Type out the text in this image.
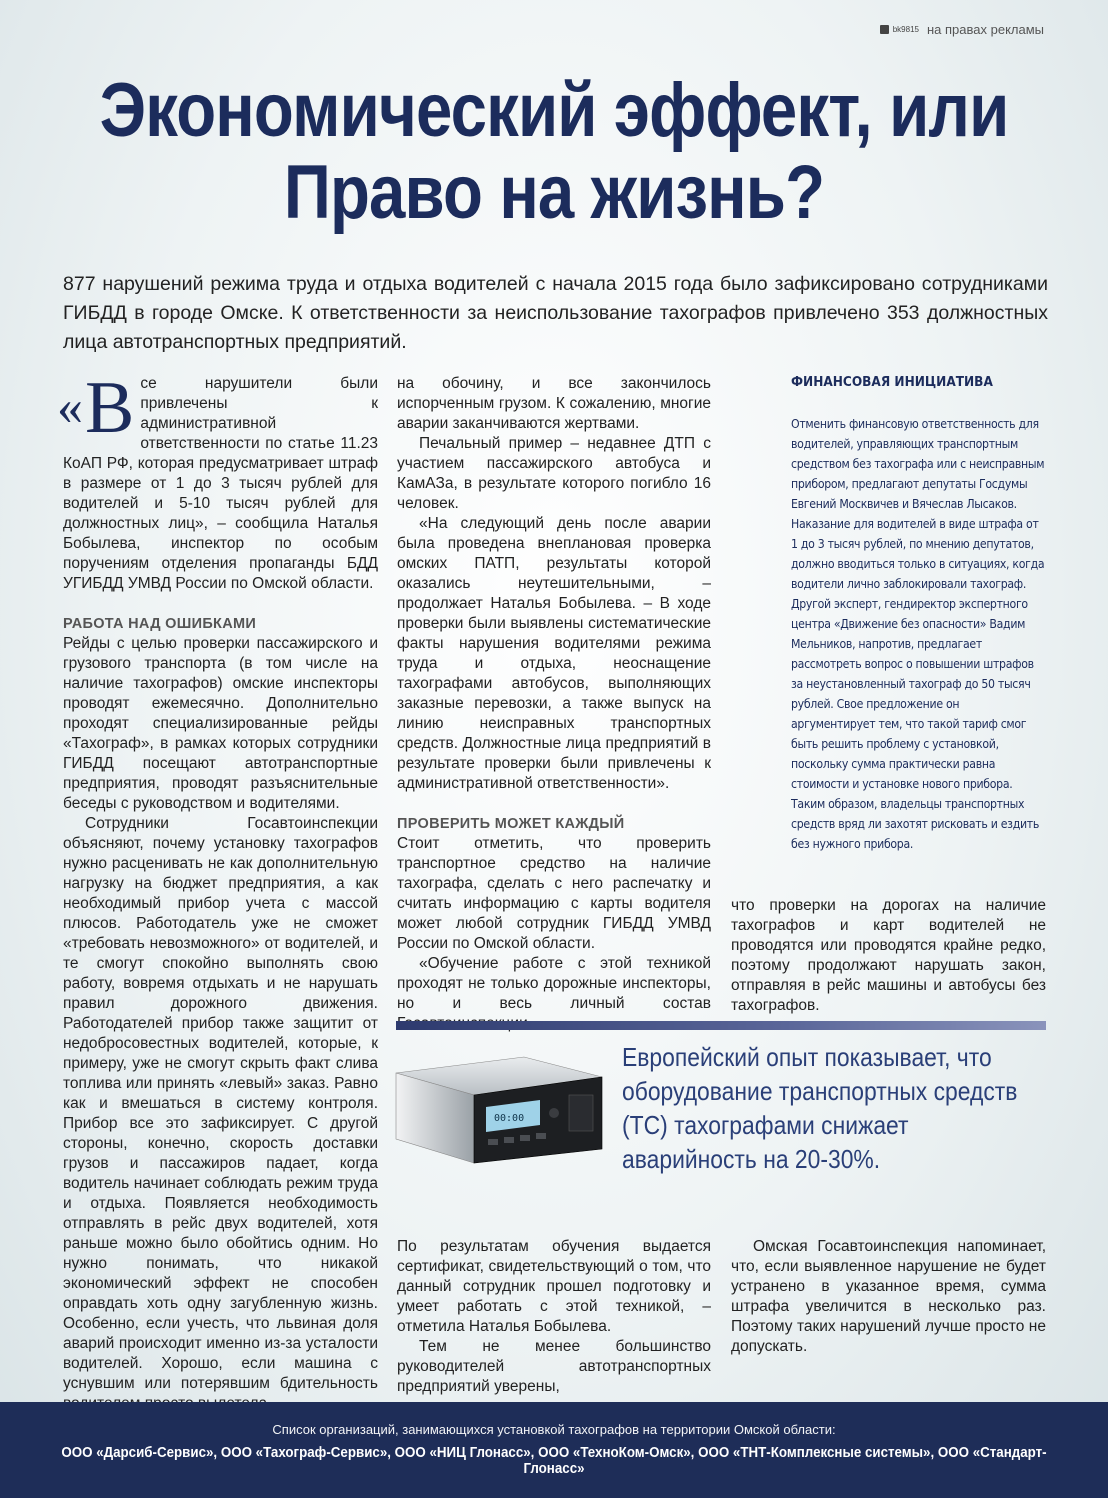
bk9815 на правах рекламы
Экономический эффект, или
Право на жизнь?

877 нарушений режима труда и отдыха водителей с начала 2015 года было зафиксировано сотрудниками ГИБДД в городе Омске. К ответственности за неиспользование тахографов привлечено 353 должностных лица автотранспортных предприятий.

«В се нарушители были привлечены к административной ответственности по статье 11.23 КоАП РФ, которая предусматривает штраф в размере от 1 до 3 тысяч рублей для водителей и 5-10 тысяч рублей для должностных лиц», – сообщила Наталья Бобылева, инспектор по особым поручениям отделения пропаганды БДД УГИБДД УМВД России по Омской области.

РАБОТА НАД ОШИБКАМИ

Рейды с целью проверки пассажирского и грузового транспорта (в том числе на наличие тахографов) омские инспекторы проводят ежемесячно. Дополнительно проходят специализированные рейды «Тахограф», в рамках которых сотрудники ГИБДД посещают автотранспортные предприятия, проводят разъяснительные беседы с руководством и водителями.

Сотрудники Госавтоинспекции объясняют, почему установку тахографов нужно расценивать не как дополнительную нагрузку на бюджет предприятия, а как необходимый прибор учета с массой плюсов. Работодатель уже не сможет «требовать невозможного» от водителей, и те смогут спокойно выполнять свою работу, вовремя отдыхать и не нарушать правил дорожного движения. Работодателей прибор также защитит от недобросовестных водителей, которые, к примеру, уже не смогут скрыть факт слива топлива или принять «левый» заказ. Равно как и вмешаться в систему контроля. Прибор все это зафиксирует. С другой стороны, конечно, скорость доставки грузов и пассажиров падает, когда водитель начинает соблюдать режим труда и отдыха. Появляется необходимость отправлять в рейс двух водителей, хотя раньше можно было обойтись одним. Но нужно понимать, что никакой экономический эффект не способен оправдать хоть одну загубленную жизнь. Особенно, если учесть, что львиная доля аварий происходит именно из-за усталости водителей. Хорошо, если машина с уснувшим или потерявшим бдительность

на обочину, и все закончилось испорченным грузом. К сожалению, многие аварии заканчиваются жертвами.

Печальный пример – недавнее ДТП с участием пассажирского автобуса и КамАЗа, в результате которого погибло 16 человек.

«На следующий день после аварии была проведена внеплановая проверка омских ПАТП, результаты которой оказались неутешительными, – продолжает Наталья Бобылева. – В ходе проверки были выявлены систематические факты нарушения водителями режима труда и отдыха, неоснащение тахографами автобусов, выполняющих заказные перевозки, а также выпуск на линию неисправных транспортных средств. Должностные лица предприятий в результате проверки были привлечены к административной ответственности».

ПРОВЕРИТЬ МОЖЕТ КАЖДЫЙ

Стоит отметить, что проверить транспортное средство на наличие тахографа, сделать с него распечатку и считать информацию с карты водителя может любой сотрудник ГИБДД УМВД России по Омской области.

«Обучение работе с этой техникой проходят не только дорожные инспекторы, но и весь личный состав

ФИНАНСОВАЯ ИНИЦИАТИВА

Отменить финансовую ответственность для водителей, управляющих транспортным средством без тахографа или с неисправным прибором, предлагают депутаты Госдумы Евгений Москвичев и Вячеслав Лысаков. Наказание для водителей в виде штрафа от 1 до 3 тысяч рублей, по мнению депутатов, должно вводиться только в ситуациях, когда водители лично заблокировали тахограф.

Другой эксперт, гендиректор экспертного центра «Движение без опасности» Вадим Мельников, напротив, предлагает рассмотреть вопрос о повышении штрафов за неустановленный тахограф до 50 тысяч рублей. Свое предложение он аргументирует тем, что такой тариф смог быть решить проблему с установкой, поскольку сумма практически равна стоимости и установке нового прибора. Таким образом, владельцы транспортных средств вряд ли захотят рисковать и ездить без нужного прибора.

что проверки на дорогах на наличие тахографов и карт водителей не проводятся или проводятся крайне редко, поэтому продолжают нарушать закон, отправляя в рейс машины и автобусы без тахографов.

00:00
Европейский опыт показывает, что оборудование транспортных средств (ТС) тахографами снижает аварийность на 20-30%.

По результатам обучения выдается сертификат, свидетельствующий о том, что данный сотрудник прошел подготовку и умеет работать с этой техникой, – отметила Наталья Бобылева.

Тем не менее большинство руководителей автотранспортных предприятий уверены,

Омская Госавтоинспекция напоминает, что, если выявленное нарушение не будет устранено в указанное время, сумма штрафа увеличится в несколько раз. Поэтому таких нарушений лучше просто не допускать.

Список организаций, занимающихся установкой тахографов на территории Омской области:
ООО «Дарсиб-Сервис», ООО «Тахограф-Сервис», ООО «НИЦ Глонасс», ООО «ТехноКом-Омск», ООО «ТНТ-Комплексные системы», ООО «Стандарт-Глонасс»
